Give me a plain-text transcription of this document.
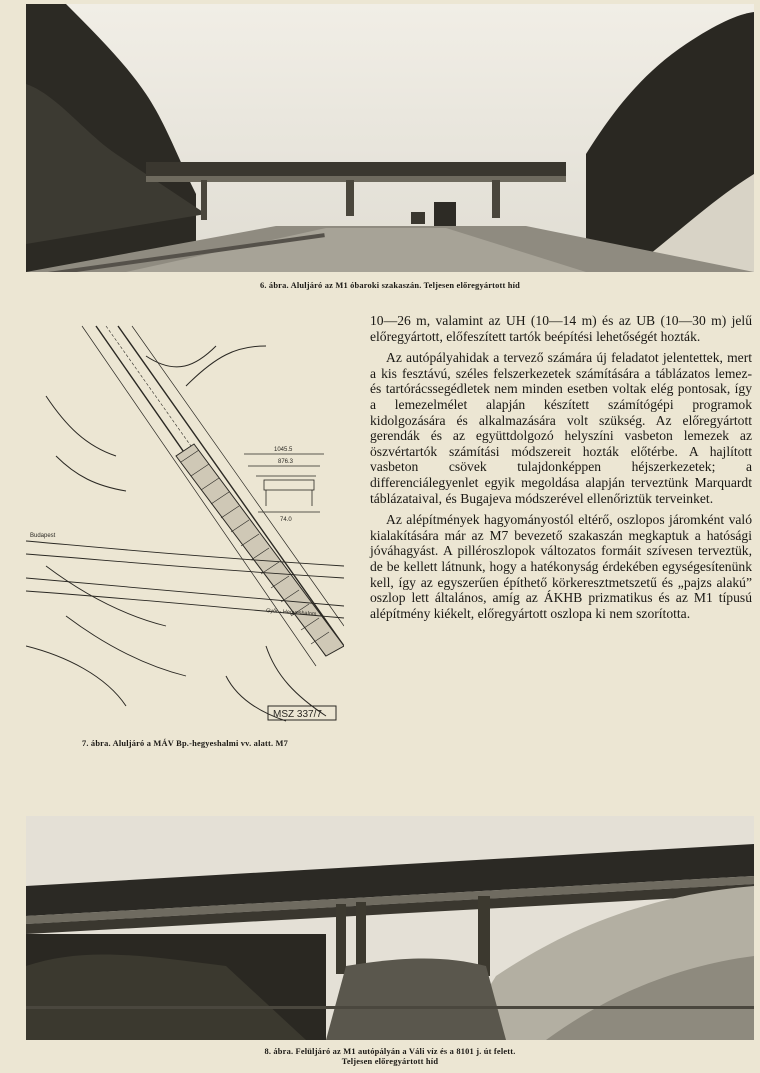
6. ábra. Aluljáró az M1 óbaroki szakaszán. Teljesen előregyártott híd
1045.5
876.3
74.0
Budapest
Győr - Hegyeshalom
MSZ 337/7
7. ábra. Aluljáró a MÁV Bp.-hegyeshalmi vv. alatt. M7

10—26 m, valamint az UH (10—14 m) és az UB (10—30 m) jelű előregyártott, előfeszített tartók beépítési lehetőségét hozták.

Az autópályahidak a tervező számára új feladatot jelentettek, mert a kis fesztávú, széles felszerkezetek számítására a táblázatos lemez- és tartórácssegédletek nem minden esetben voltak elég pontosak, így a lemezelmélet alapján készített számítógépi programok kidolgozására és alkalmazására volt szükség. Az előregyártott gerendák és az együttdolgozó helyszíni vasbeton lemezek az öszvértartók számítási módszereit hozták előtérbe. A hajlított vasbeton csövek tulajdonképpen héjszerkezetek; a differenciálegyenlet egyik megoldása alapján terveztünk Marquardt táblázataival, és Bugajeva módszerével ellenőriztük terveinket.

Az alépítmények hagyományostól eltérő, oszlopos járomként való kialakítására már az M7 bevezető szakaszán megkaptuk a hatósági jóváhagyást. A pilléroszlopok változatos formáit szívesen terveztük, de be kellett látnunk, hogy a hatékonyság érdekében egységesítenünk kell, így az egyszerűen építhető körkeresztmetszetű és „pajzs alakú” oszlop lett általános, amíg az ÁKHB prizmatikus és az M1 típusú alépítmény kiékelt, előregyártott oszlopa ki nem szorította.

8. ábra. Felüljáró az M1 autópályán a Váli víz és a 8101 j. út felett.
Teljesen előregyártott híd
